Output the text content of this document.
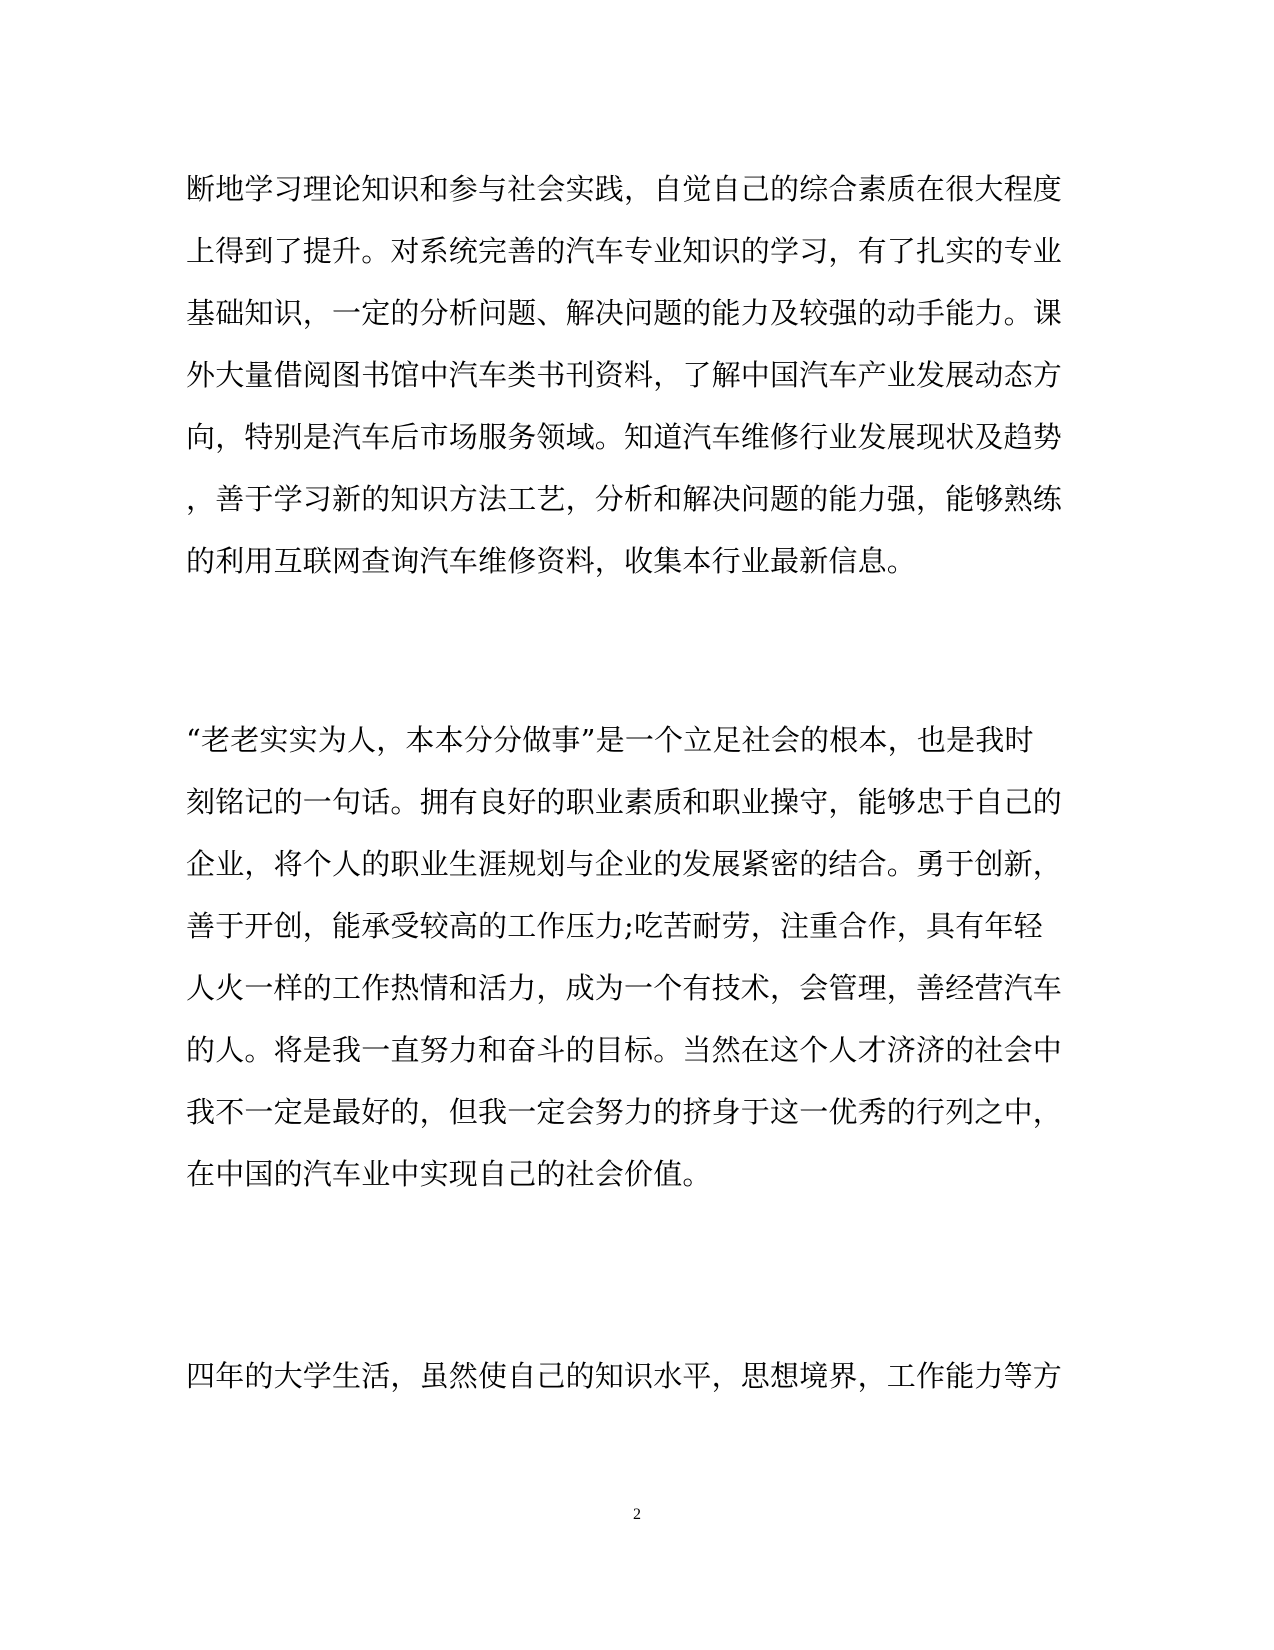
断地学习理论知识和参与社会实践，自觉自己的综合素质在很大程度
上得到了提升。对系统完善的汽车专业知识的学习，有了扎实的专业
基础知识，一定的分析问题、解决问题的能力及较强的动手能力。课
外大量借阅图书馆中汽车类书刊资料，了解中国汽车产业发展动态方
向，特别是汽车后市场服务领域。知道汽车维修行业发展现状及趋势
，善于学习新的知识方法工艺，分析和解决问题的能力强，能够熟练
的利用互联网查询汽车维修资料，收集本行业最新信息。
“老老实实为人，本本分分做事”是一个立足社会的根本，也是我时
刻铭记的一句话。拥有良好的职业素质和职业操守，能够忠于自己的
企业，将个人的职业生涯规划与企业的发展紧密的结合。勇于创新，
善于开创，能承受较高的工作压力;吃苦耐劳，注重合作，具有年轻
人火一样的工作热情和活力，成为一个有技术，会管理，善经营汽车
的人。将是我一直努力和奋斗的目标。当然在这个人才济济的社会中
我不一定是最好的，但我一定会努力的挤身于这一优秀的行列之中，
在中国的汽车业中实现自己的社会价值。
四年的大学生活，虽然使自己的知识水平，思想境界，工作能力等方
2
